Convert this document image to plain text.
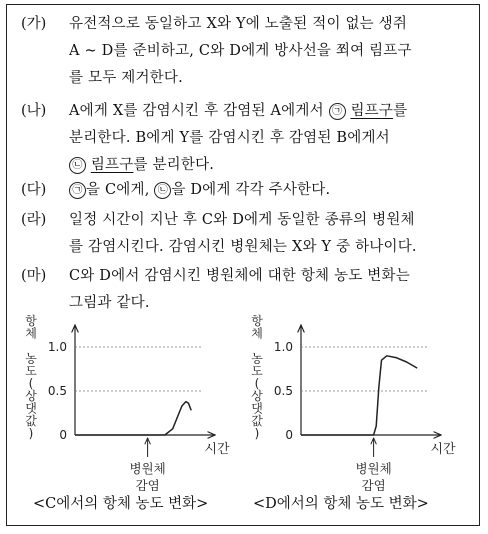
(가) 유전적으로 동일하고 X와 Y에 노출된 적이 없는 생쥐
A ~ D를 준비하고, C와 D에게 방사선을 쬐여 림프구
를 모두 제거한다.
(나) A에게 X를 감염시킨 후 감염된 A에게서 ㉠ 림프구를
분리한다. B에게 Y를 감염시킨 후 감염된 B에게서
㉡ 림프구를 분리한다.
(다)	㉠ 을 C에게, ㉡ 을 D에게 각각 주사한다.
(라) 일정 시간이 지난 후 C와 D에게 동일한 종류의 병원체
를 감염시킨다. 감염시킨 병원체는 X와 Y 중 하나이다.
(마) C와 D에서 감염시킨 병원체에 대한 항체 농도 변화는
그림과 같다.
항
체
농
도
(
상
댓
값
)
1.0
0.5
0
시간
병원체
감염
항
체
농
도
(
상
댓
값
)
1.0
0.5
0
시간
병원체
감염
<C에서의 항체 농도 변화>	<D에서의 항체 농도 변화>
